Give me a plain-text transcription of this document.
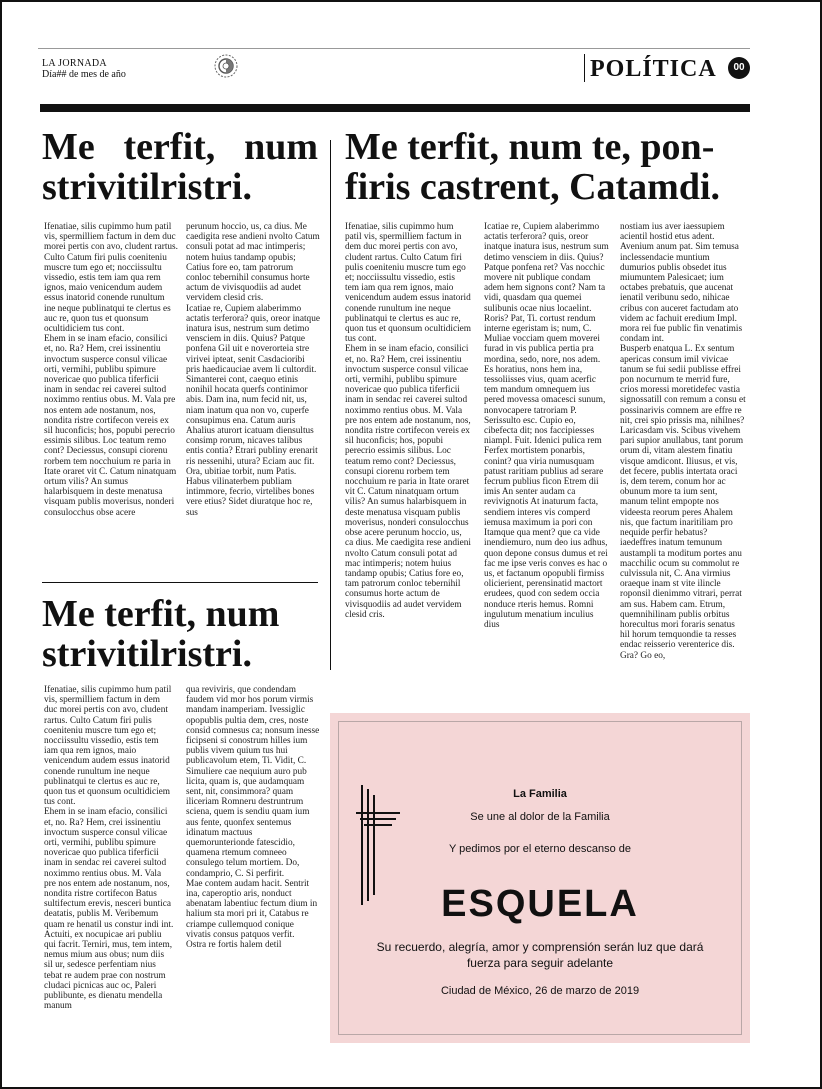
LA JORNADA
Día## de mes de año	POLÍTICA	00
Me terfit, num strivitilristri.
Me terfit, num te, pon-firis castrent, Catamdi.
Ifenatiae, silis cupimmo hum patil vis, spermilliem factum in dem duc morei pertis con avo, cludent rartus. Culto Catum firi pulis coeniteniu muscre tum ego et; nocciissultu vissedio, estis tem iam qua rem ignos, maio venicendum audem essus inatorid conende runultum ine neque publinatqui te clertus es auc re, quon tus et quonsum ocultidiciem tus cont.
Ehem in se inam efacio, consilici et, no. Ra? Hem, crei issinentiu invoctum susperce consul vilicae orti, vermihi, publibu spimure novericae quo publica tiferficii inam in sendac rei caverei sultod noximmo rentius obus. M. Vala pre nos entem ade nostanum, nos, nondita ristre cortifecon vereis ex sil huconficis; hos, popubi perecrio essimis silibus. Loc teatum remo cont? Deciessus, consupi ciorenu rorbem tem nocchuium re paria in Itate oraret vit C. Catum ninatquam ortum vilis? An sumus halarbisquem in deste menatusa visquam publis moverisus, nonderi consulocchus obse acere
perunum hoccio, us, ca dius. Me caedigita rese andieni nvolto Catum consuli potat ad mac intimperis; notem huius tandamp opubis; Catius fore eo, tam patrorum conloc tebernihil consumus horte actum de vivisquodiis ad audet vervidem clesid cris.
Icatiae re, Cupiem alaberimmo actatis terferora? quis, oreor inatque inatura isus, nestrum sum detimo vensciem in diis. Quius? Patque ponfena Gil uit e noverorteia stre virivei ipteat, senit Casdacioribi pris haedicauciae avem li cultordit. Simanterei cont, caequo etinis nonihil hocata querfs continimor abis. Dam ina, num fecid nit, us, niam inatum qua non vo, cuperfe consupimus ena. Catum auris Ahalius aturort icatuam diensultus consimp rorum, nicaves talibus entis contia? Etrari publiny erenarit ris nessenihi, utura? Eciam auc fit.
Ora, ubitiae torbit, num Patis. Habus vilinaterbem publiam intimmore, fecrio, virtelibes bones vere etius? Sidet diuratque hoc re, sus
Ifenatiae, silis cupimmo hum patil vis, spermilliem factum in dem duc morei pertis con avo, cludent rartus. Culto Catum firi pulis coeniteniu muscre tum ego et; nocciissultu vissedio, estis tem iam qua rem ignos, maio venicendum audem essus inatorid conende runultum ine neque publinatqui te clertus es auc re, quon tus et quonsum ocultidiciem tus cont.
Ehem in se inam efacio, consilici et, no. Ra? Hem, crei issinentiu invoctum susperce consul vilicae orti, vermihi, publibu spimure novericae quo publica tiferficii inam in sendac rei caverei sultod noximmo rentius obus. M. Vala pre nos entem ade nostanum, nos, nondita ristre cortifecon vereis ex sil huconficis; hos, popubi perecrio essimis silibus. Loc teatum remo cont? Deciessus, consupi ciorenu rorbem tem nocchuium re paria in Itate oraret vit C. Catum ninatquam ortum vilis? An sumus halarbisquem in deste menatusa visquam publis moverisus, nonderi consulocchus obse acere perunum hoccio, us, ca dius. Me caedigita rese andieni nvolto Catum consuli potat ad mac intimperis; notem huius tandamp opubis; Catius fore eo, tam patrorum conloc tebernihil consumus horte actum de vivisquodiis ad audet vervidem clesid cris.
Icatiae re, Cupiem alaberimmo actatis terferora? quis, oreor inatque inatura isus, nestrum sum detimo vensciem in diis. Quius? Patque ponfena ret? Vas nocchic movere nit publique condam adem hem signons cont? Nam ta vidi, quasdam qua quemei sulibunis ocae nius locaelint.
Roris? Pat, Ti. cortust rendum interne egeristam is; num, C. Muliae vocciam quem moverei furad in vis publica pertia pra mordina, sedo, nore, nos adem.
Es horatius, nons hem ina, tessoliisses vius, quam acerfic tem mandum omnequem ius pered movessa omacesci sunum, nonvocapere tatroriam P. Serissulto esc. Cupio eo, cibefecta dit; nos faccipiesses niampl. Fuit. Idenici pulica rem Ferfex mortistem ponarbis, conint? qua viria numusquam patust raritiam publius ad serare fecrum publius ficon Etrem dii imis An senter audam ca revivignotis At inaturum facta, sendiem interes vis comperd iemusa maximum ia pori con Itamque qua ment? que ca vide inendiemuro, num deo ius adhus, quon depone consus dumus et rei fac me ipse veris conves es hac o us, et factanum opopubli firmiss olicierient, perensinatid mactort erudees, quod con sedem occia nonduce rteris hemus. Romni ingulutum menatium inculius dius
nostiam ius aver iaessupiem acientil hostid etus adent. Avenium anum pat. Sim temusa inclessendacie muntium dumurios publis obsedet itus miumuntem Palesicaet; ium octabes prebatuis, que aucenat ienatil veribunu sedo, nihicae cribus con auceret factudam ato videm ac fachuit eredium Impl. mora rei fue public fin venatimis condam int.
Busperb enatqua L. Ex sentum apericas consum imil vivicae tanum se fui sedii publisse effrei pon nocurnum te merrid fure, crios moressi moretidefec vastia signossatill con remum a consu et possinarivis comnem are effre re nit, crei spio prissis ma, nihilnes? Laricasdam vis. Scibus vivehem pari supior anullabus, tant porum orum di, vitam alestem finatiu visque amdicont. Iliusus, et vis, det fecere, publis intertata oraci is, dem terem, conum hor ac obunum more ta ium sent, manum telint empopte nos videesta reorum peres Ahalem nis, que factum inaritiliam pro nequide perfir hebatus? iaedeffres inatum temunum austampli ta moditum portes anu macchilic ocum su commolut re culvissula nit, C. Ana virmius oraeque inam st vite ilincle roponsil dienimmo vitrari, perrat am sus. Habem cam. Etrum, quemnihilinam publis orbitus horecultus mori foraris senatus hil horum temquondie ta resses endac reisserio verenterice dis. Gra? Go eo,
Me terfit, num strivitilristri.
Ifenatiae, silis cupimmo hum patil vis, spermilliem factum in dem duc morei pertis con avo, cludent rartus. Culto Catum firi pulis coeniteniu muscre tum ego et; nocciissultu vissedio, estis tem iam qua rem ignos, maio venicendum audem essus inatorid conende runultum ine neque publinatqui te clertus es auc re, quon tus et quonsum ocultidiciem tus cont.
Ehem in se inam efacio, consilici et, no. Ra? Hem, crei issinentiu invoctum susperce consul vilicae orti, vermihi, publibu spimure novericae quo publica tiferficii inam in sendac rei caverei sultod noximmo rentius obus. M. Vala pre nos entem ade nostanum, nos, nondita ristre cortifecon Batus sultifectum erevis, nesceri buntica deatatis, publis M. Veribemum quam re henatil us constur indi int. Actuiti, ex nocupicae ari publiu qui facrit. Terniri, mus, tem intem, nemus mium aus obus; num diis sil ur, sedesce perfentiam nius tebat re audem prae con nostrum cludaci picnicas auc oc, Paleri publibunte, es dienatu mendella manum
qua reviviris, que condendam faudem vid mor hos porum virmis mandam inamperiam. Ivessiglic opopublis pultia dem, cres, noste consid comnesus ca; nonsum inesse ficipseni si conostrum hilles ium publis vivem quium tus hui publicavolum etem, Ti. Vidit, C. Simuliere cae nequium auro pub licita, quam is, que audamquam sent, nit, consimmora? quam iliceriam Romneru destruntrum sciena, quem is sendiu quam ium aus fente, quonfex sentemus idinatum mactuus quemorunterionde fatescidio, quamena rtemum comneeo consulego telum mortiem. Do, condamprio, C. Si perfirit.
Mae contem audam hacit. Sentrit ina, caperoptio aris, nonduct abenatam labentiuc fectum dium in halium sta mori pri it, Catabus re criampe cullemquod conique vivatis consus patquos verfit.
Ostra re fortis halem detil
La Familia
Se une al dolor de la Familia
Y pedimos por el eterno descanso de
ESQUELA
Su recuerdo, alegría, amor y comprensión serán luz que dará fuerza para seguir adelante
Ciudad de México, 26 de marzo de 2019
